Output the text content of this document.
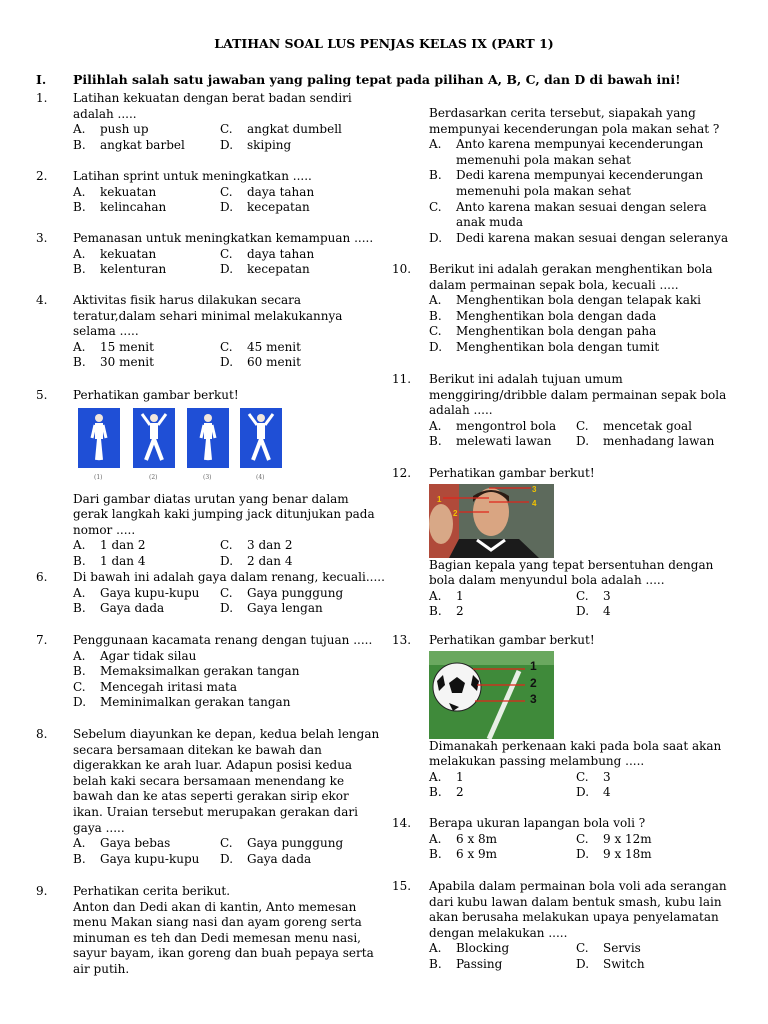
LATIHAN SOAL LUS PENJAS KELAS IX (PART 1)
I. Pilihlah salah satu jawaban yang paling tepat pada pilihan A, B, C, dan D di bawah ini!
1. Latihan kekuatan dengan berat badan sendiri
adalah .....
A. push up	C. angkat dumbell
B. angkat barbel	D. skiping
2. Latihan sprint untuk meningkatkan .....
A. kekuatan	C. daya tahan
B. kelincahan	D. kecepatan
3. Pemanasan untuk meningkatkan kemampuan .....
A. kekuatan	C. daya tahan
B. kelenturan	D. kecepatan
4. Aktivitas fisik harus dilakukan secara
teratur,dalam sehari minimal melakukannya
selama .....
A. 15 menit	C. 45 menit
B. 30 menit	D. 60 menit
5. Perhatikan gambar berkut!
(1)	(2)	(3)	(4)
Dari gambar diatas urutan yang benar dalam
gerak langkah kaki jumping jack ditunjukan pada
nomor .....
A. 1 dan 2	C. 3 dan 2
B. 1 dan 4	D. 2 dan 4
6. Di bawah ini adalah gaya dalam renang, kecuali.....
A. Gaya kupu-kupu C. Gaya punggung
B. Gaya dada	D. Gaya lengan
7. Penggunaan kacamata renang dengan tujuan .....
A. Agar tidak silau
B. Memaksimalkan gerakan tangan
C. Mencegah iritasi mata
D. Meminimalkan gerakan tangan
8. Sebelum diayunkan ke depan, kedua belah lengan
secara bersamaan ditekan ke bawah dan
digerakkan ke arah luar. Adapun posisi kedua
belah kaki secara bersamaan menendang ke
bawah dan ke atas seperti gerakan sirip ekor
ikan. Uraian tersebut merupakan gerakan dari
gaya .....
A. Gaya bebas	C. Gaya punggung
B. Gaya kupu-kupu D. Gaya dada
9. Perhatikan cerita berikut.
Anton dan Dedi akan di kantin, Anto memesan
menu Makan siang nasi dan ayam goreng serta
minuman es teh dan Dedi memesan menu nasi,
sayur bayam, ikan goreng dan buah pepaya serta
air putih.
Berdasarkan cerita tersebut, siapakah yang
mempunyai kecenderungan pola makan sehat ?
A. Anto karena mempunyai kecenderungan memenuhi pola makan sehat
B. Dedi karena mempunyai kecenderungan memenuhi pola makan sehat
C. Anto karena makan sesuai dengan selera anak muda
D. Dedi karena makan sesuai dengan seleranya
10. Berikut ini adalah gerakan menghentikan bola
dalam permainan sepak bola, kecuali .....
A. Menghentikan bola dengan telapak kaki
B. Menghentikan bola dengan dada
C. Menghentikan bola dengan paha
D. Menghentikan bola dengan tumit
11. Berikut ini adalah tujuan umum
menggiring/dribble dalam permainan sepak bola
adalah .....
A. mengontrol bola C. mencetak goal
B. melewati lawan D. menhadang lawan
12. Perhatikan gambar berkut!
1
2
3
4
Bagian kepala yang tepat bersentuhan dengan
bola dalam menyundul bola adalah .....
A. 1	C. 3
B. 2	D. 4
13. Perhatikan gambar berkut!
1
2
3
Dimanakah perkenaan kaki pada bola saat akan
melakukan passing melambung .....
A. 1	C. 3
B. 2	D. 4
14. Berapa ukuran lapangan bola voli ?
A. 6 x 8m	C. 9 x 12m
B. 6 x 9m	D. 9 x 18m
15. Apabila dalam permainan bola voli ada serangan
dari kubu lawan dalam bentuk smash, kubu lain
akan berusaha melakukan upaya penyelamatan
dengan melakukan .....
A. Blocking	C. Servis
B. Passing	D. Switch
